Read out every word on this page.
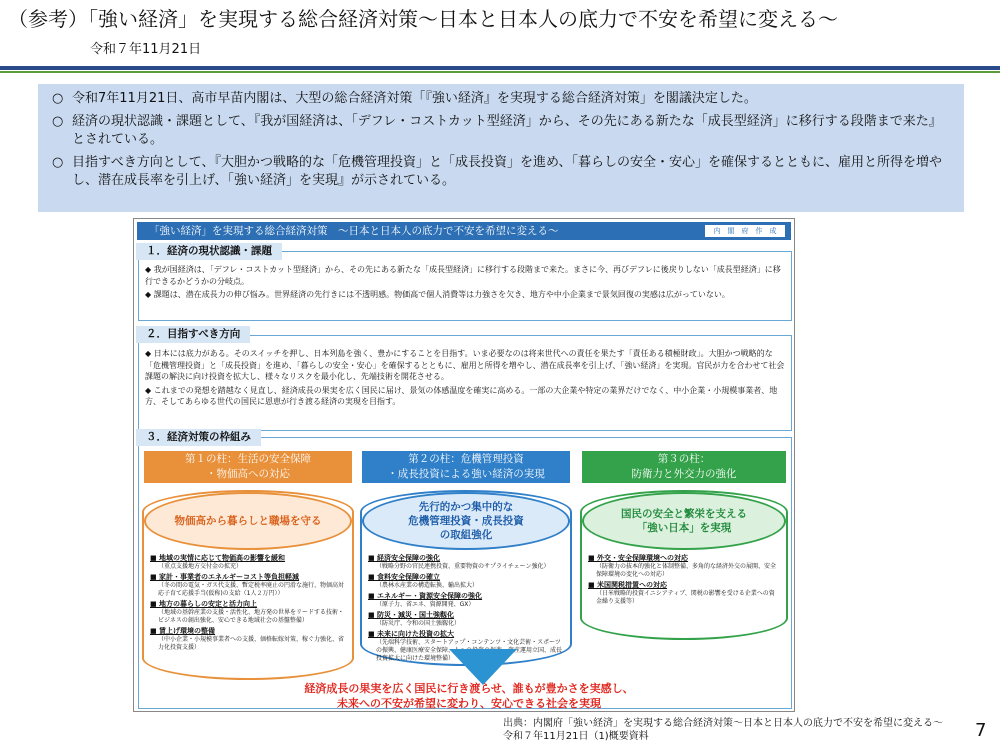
（参考）「強い経済」を実現する総合経済対策～日本と日本人の底力で不安を希望に変える～
令和７年11月21日
○ 令和7年11月21日、高市早苗内閣は、大型の総合経済対策「『強い経済』を実現する総合経済対策」を閣議決定した。
○ 経済の現状認識・課題として、『我が国経済は、「デフレ・コストカット型経済」から、その先にある新たな「成長型経済」に移行する段階まで来た』とされている。
○ 目指すべき方向として、『大胆かつ戦略的な「危機管理投資」と「成長投資」を進め、「暮らしの安全・安心」を確保するとともに、雇用と所得を増やし、潜在成長率を引上げ、「強い経済」を実現』が示されている。
「強い経済」を実現する総合経済対策　～日本と日本人の底力で不安を希望に変える～	内　閣　府　作　成

◆ 我が国経済は、「デフレ・コストカット型経済」から、その先にある新たな「成長型経済」に移行する段階まで来た。まさに今、再びデフレに後戻りしない「成長型経済」に移行できるかどうかの分岐点。

◆ 課題は、潜在成長力の伸び悩み。世界経済の先行きには不透明感。物価高で個人消費等は力強さを欠き、地方や中小企業まで景気回復の実感は広がっていない。

１．経済の現状認識・課題

◆ 日本には底力がある。そのスイッチを押し、日本列島を強く、豊かにすることを目指す。いま必要なのは将来世代への責任を果たす「責任ある積極財政」。大胆かつ戦略的な「危機管理投資」と「成長投資」を進め、「暮らしの安全・安心」を確保するとともに、雇用と所得を増やし、潜在成長率を引上げ、「強い経済」を実現。官民が力を合わせて社会課題の解決に向け投資を拡大し、様々なリスクを最小化し、先端技術を開花させる。

◆ これまでの発想を踏越なく見直し、経済成長の果実を広く国民に届け、景気の体感温度を確実に高める。一部の大企業や特定の業界だけでなく、中小企業・小規模事業者、地方、そしてあらゆる世代の国民に恩恵が行き渡る経済の実現を目指す。

２．目指すべき方向
３．経済対策の枠組み
第１の柱：生活の安全保障
・物価高への対応
物価高から暮らしと職場を守る
■ 地域の実情に応じて物価高の影響を緩和
（重点支援地方交付金の拡充）
■ 家計・事業者のエネルギーコスト等負担軽減
（冬の間の電気・ガス代支援、暫定税率廃止の円滑な施行、物価高対応子育て応援手当(仮称)の支給（1人２万円））
■ 地方の暮らしの安定と活力向上
（地域の基幹産業の支援・活性化、地方発の世界をリードする技術・ビジネスの創出強化、安心できる地域社会の基盤整備）
■ 賃上げ環境の整備
（中小企業・小規模事業者への支援、価格転嫁対策、稼ぐ力強化、省力化投資支援）
第２の柱：危機管理投資
・成長投資による強い経済の実現
先行的かつ集中的な
危機管理投資・成長投資
の取組強化
■ 経済安全保障の強化
（戦略分野の官民連携投資、重要物資のサプライチェーン強化）
■ 食料安全保障の確立
（農林水産業の構造転換、輸出拡大）
■ エネルギー・資源安全保障の強化
（原子力、省エネ、資源開発、GX）
■ 防災・減災・国土強靱化
（防災庁、令和の国土強靱化）
■ 未来に向けた投資の拡大
（先端科学技術、スタートアップ・コンテンツ・文化芸術・スポーツの振興、健康医療安全保障、人への投資の促進、資産運用立国、成長投資拡大に向けた環境整備）
第３の柱：
防衛力と外交力の強化
国民の安全と繁栄を支える
「強い日本」を実現
■ 外交・安全保障環境への対応
（防衛力の抜本的強化と体制整備、多角的な経済外交の展開、安全保障環境の変化への対応）
■ 米国関税措置への対応
（日米戦略的投資イニシアティブ、関税の影響を受ける企業への資金繰り支援等）
経済成長の果実を広く国民に行き渡らせ、誰もが豊かさを実感し、
未来への不安が希望に変わり、安心できる社会を実現
出典：内閣府「強い経済」を実現する総合経済対策～日本と日本人の底力で不安を希望に変える～
令和７年11月21日（1)概要資料	7
